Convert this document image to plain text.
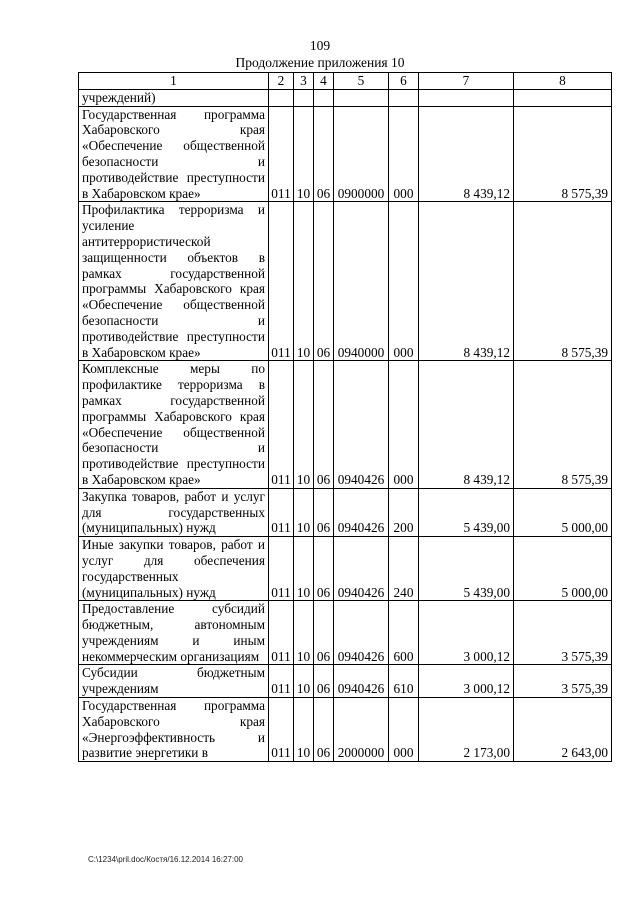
109
Продолжение приложения 10
1	2	3	4	5	6	7	8
учреждений)							
Государственная программа Хабаровского края «Обеспечение общественной безопасности и противодействие преступности в Хабаровском крае»	011	10	06	0900000	000	8 439,12	8 575,39
Профилактика терроризма и усиление антитеррористической защищенности объектов в рамках государственной программы Хабаровского края «Обеспечение общественной безопасности и противодействие преступности в Хабаровском крае»	011	10	06	0940000	000	8 439,12	8 575,39
Комплексные меры по профилактике терроризма в рамках государственной программы Хабаровского края «Обеспечение общественной безопасности и противодействие преступности в Хабаровском крае»	011	10	06	0940426	000	8 439,12	8 575,39
Закупка товаров, работ и услуг для государственных (муниципальных) нужд	011	10	06	0940426	200	5 439,00	5 000,00
Иные закупки товаров, работ и услуг для обеспечения государственных (муниципальных) нужд	011	10	06	0940426	240	5 439,00	5 000,00
Предоставление субсидий бюджетным, автономным учреждениям и иным некоммерческим организациям	011	10	06	0940426	600	3 000,12	3 575,39
Субсидии бюджетным учреждениям	011	10	06	0940426	610	3 000,12	3 575,39
Государственная программа Хабаровского края «Энергоэффективность и развитие энергетики в	011	10	06	2000000	000	2 173,00	2 643,00
C:\1234\pril.doc/Костя/16.12.2014 16:27:00
